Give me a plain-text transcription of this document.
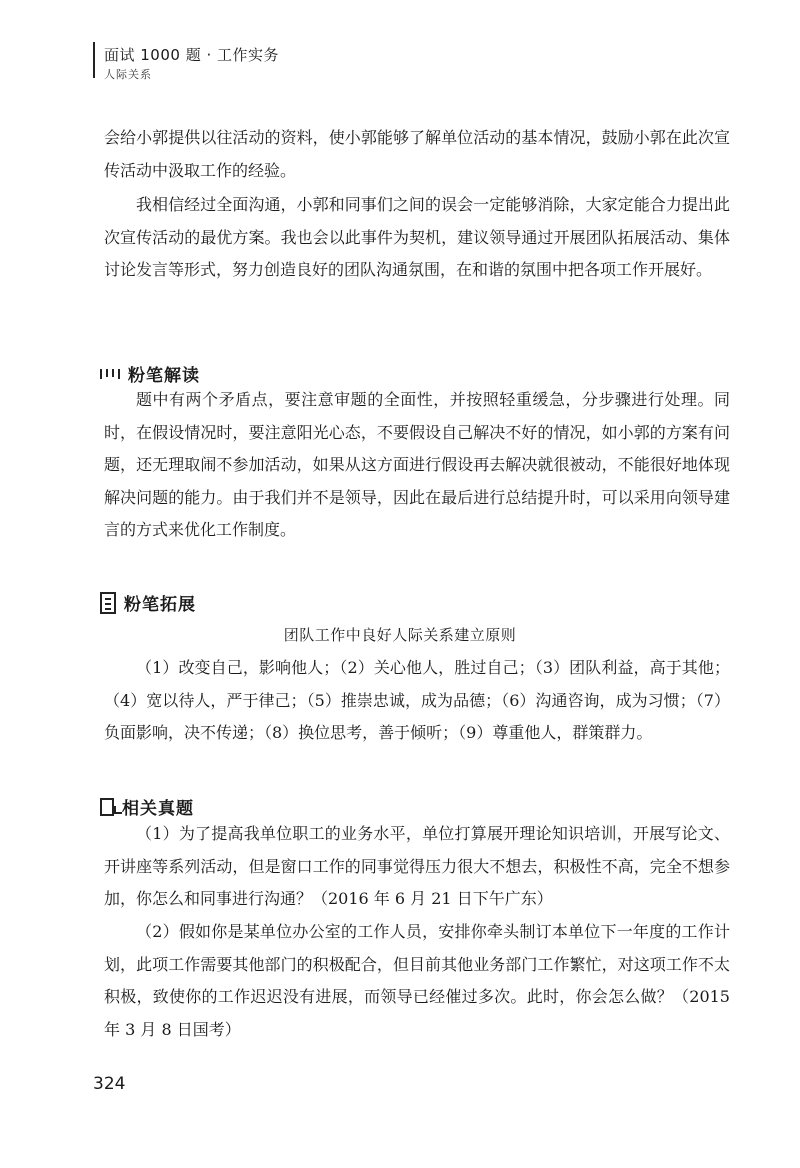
面试 1000 题 · 工作实务
人际关系

会给小郭提供以往活动的资料，使小郭能够了解单位活动的基本情况，鼓励小郭在此次宣传活动中汲取工作的经验。

我相信经过全面沟通，小郭和同事们之间的误会一定能够消除，大家定能合力提出此次宣传活动的最优方案。我也会以此事件为契机，建议领导通过开展团队拓展活动、集体讨论发言等形式，努力创造良好的团队沟通氛围，在和谐的氛围中把各项工作开展好。

粉笔解读

题中有两个矛盾点，要注意审题的全面性，并按照轻重缓急，分步骤进行处理。同时，在假设情况时，要注意阳光心态，不要假设自己解决不好的情况，如小郭的方案有问题，还无理取闹不参加活动，如果从这方面进行假设再去解决就很被动，不能很好地体现解决问题的能力。由于我们并不是领导，因此在最后进行总结提升时，可以采用向领导建言的方式来优化工作制度。

粉笔拓展
团队工作中良好人际关系建立原则

（1）改变自己，影响他人；（2）关心他人，胜过自己；（3）团队利益，高于其他；（4）宽以待人，严于律己；（5）推崇忠诚，成为品德；（6）沟通咨询，成为习惯；（7）负面影响，决不传递；（8）换位思考，善于倾听；（9）尊重他人，群策群力。

相关真题

（1）为了提高我单位职工的业务水平，单位打算展开理论知识培训，开展写论文、开讲座等系列活动，但是窗口工作的同事觉得压力很大不想去，积极性不高，完全不想参加，你怎么和同事进行沟通？（2016 年 6 月 21 日下午广东）

（2）假如你是某单位办公室的工作人员，安排你牵头制订本单位下一年度的工作计划，此项工作需要其他部门的积极配合，但目前其他业务部门工作繁忙，对这项工作不太积极，致使你的工作迟迟没有进展，而领导已经催过多次。此时，你会怎么做？（2015 年 3 月 8 日国考）

324
